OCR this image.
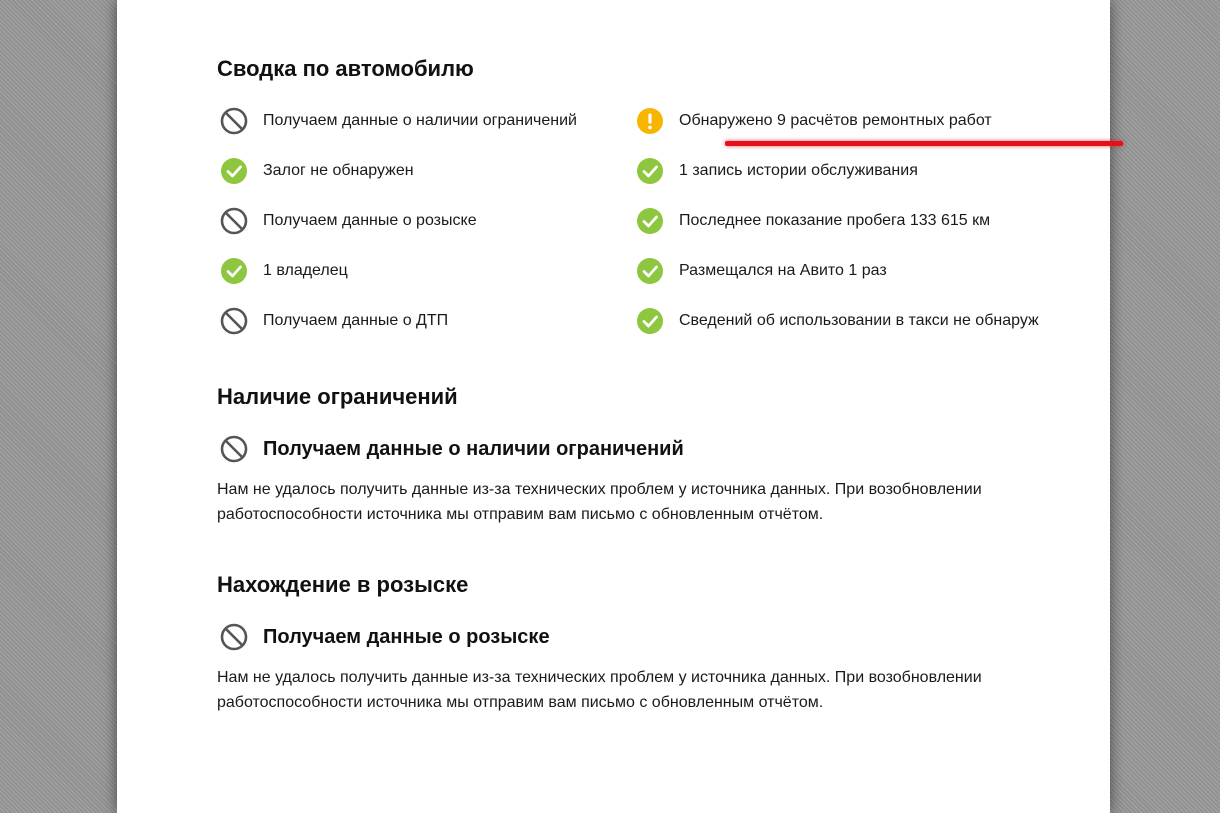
Сводка по автомобилю
Получаем данные о наличии ограничений
Залог не обнаружен
Получаем данные о розыске
1 владелец
Получаем данные о ДТП
Обнаружено 9 расчётов ремонтных работ
1 запись истории обслуживания
Последнее показание пробега 133 615 км
Размещался на Авито 1 раз
Сведений об использовании в такси не обнаруж
Наличие ограничений
Получаем данные о наличии ограничений
Нам не удалось получить данные из-за технических проблем у источника данных. При возобновлении работоспособности источника мы отправим вам письмо с обновленным отчётом.
Нахождение в розыске
Получаем данные о розыске
Нам не удалось получить данные из-за технических проблем у источника данных. При возобновлении работоспособности источника мы отправим вам письмо с обновленным отчётом.
